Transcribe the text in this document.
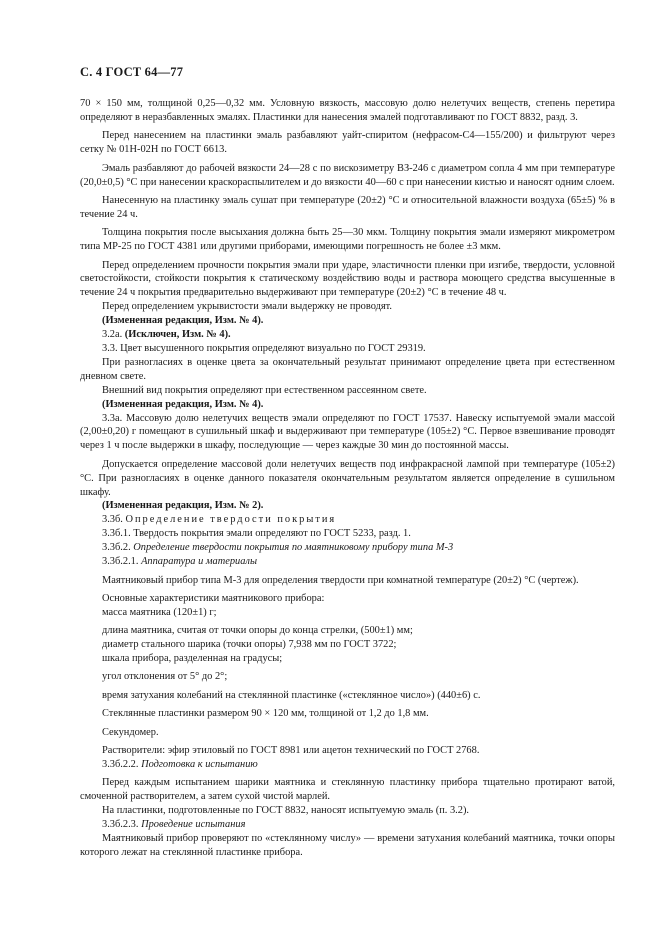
С. 4 ГОСТ 64—77

70 × 150 мм, толщиной 0,25—0,32 мм. Условную вязкость, массовую долю нелетучих веществ, степень перетира определяют в неразбавленных эмалях. Пластинки для нанесения эмалей подготавливают по ГОСТ 8832, разд. 3.

Перед нанесением на пластинки эмаль разбавляют уайт-спиритом (нефрасом-С4—155/200) и фильтруют через сетку № 01Н-02Н по ГОСТ 6613.

Эмаль разбавляют до рабочей вязкости 24—28 с по вискозиметру ВЗ-246 с диаметром сопла 4 мм при температуре (20,0±0,5) °С при нанесении краскораспылителем и до вязкости 40—60 с при нанесении кистью и наносят одним слоем.

Нанесенную на пластинку эмаль сушат при температуре (20±2) °С и относительной влажности воздуха (65±5) % в течение 24 ч.

Толщина покрытия после высыхания должна быть 25—30 мкм. Толщину покрытия эмали измеряют микрометром типа МР-25 по ГОСТ 4381 или другими приборами, имеющими погрешность не более ±3 мкм.

Перед определением прочности покрытия эмали при ударе, эластичности пленки при изгибе, твердости, условной светостойкости, стойкости покрытия к статическому воздействию воды и раствора моющего средства высушенные в течение 24 ч покрытия предварительно выдерживают при температуре (20±2) °С в течение 48 ч.

Перед определением укрывистости эмали выдержку не проводят.

(Измененная редакция, Изм. № 4).

3.2а. (Исключен, Изм. № 4).

3.3. Цвет высушенного покрытия определяют визуально по ГОСТ 29319.

При разногласиях в оценке цвета за окончательный результат принимают определение цвета при естественном дневном свете.

Внешний вид покрытия определяют при естественном рассеянном свете.

(Измененная редакция, Изм. № 4).

3.3а. Массовую долю нелетучих веществ эмали определяют по ГОСТ 17537. Навеску испытуемой эмали массой (2,00±0,20) г помещают в сушильный шкаф и выдерживают при температуре (105±2) °С. Первое взвешивание проводят через 1 ч после выдержки в шкафу, последующие — через каждые 30 мин до постоянной массы.

Допускается определение массовой доли нелетучих веществ под инфракрасной лампой при температуре (105±2) °С. При разногласиях в оценке данного показателя окончательным результатом является определение в сушильном шкафу.

(Измененная редакция, Изм. № 2).

3.3б. Определение твердости покрытия

3.3б.1. Твердость покрытия эмали определяют по ГОСТ 5233, разд. 1.

3.3б.2. Определение твердости покрытия по маятниковому прибору типа М-3

3.3б.2.1. Аппаратура и материалы

Маятниковый прибор типа М-3 для определения твердости при комнатной температуре (20±2) °С (чертеж).

Основные характеристики маятникового прибора:

масса маятника (120±1) г;

длина маятника, считая от точки опоры до конца стрелки, (500±1) мм;

диаметр стального шарика (точки опоры) 7,938 мм по ГОСТ 3722;

шкала прибора, разделенная на градусы;

угол отклонения от 5° до 2°;

время затухания колебаний на стеклянной пластинке («стеклянное число») (440±6) с.

Стеклянные пластинки размером 90 × 120 мм, толщиной от 1,2 до 1,8 мм.

Секундомер.

Растворители: эфир этиловый по ГОСТ 8981 или ацетон технический по ГОСТ 2768.

3.3б.2.2. Подготовка к испытанию

Перед каждым испытанием шарики маятника и стеклянную пластинку прибора тщательно протирают ватой, смоченной растворителем, а затем сухой чистой марлей.

На пластинки, подготовленные по ГОСТ 8832, наносят испытуемую эмаль (п. 3.2).

3.3б.2.3. Проведение испытания

Маятниковый прибор проверяют по «стеклянному числу» — времени затухания колебаний маятника, точки опоры которого лежат на стеклянной пластинке прибора.
